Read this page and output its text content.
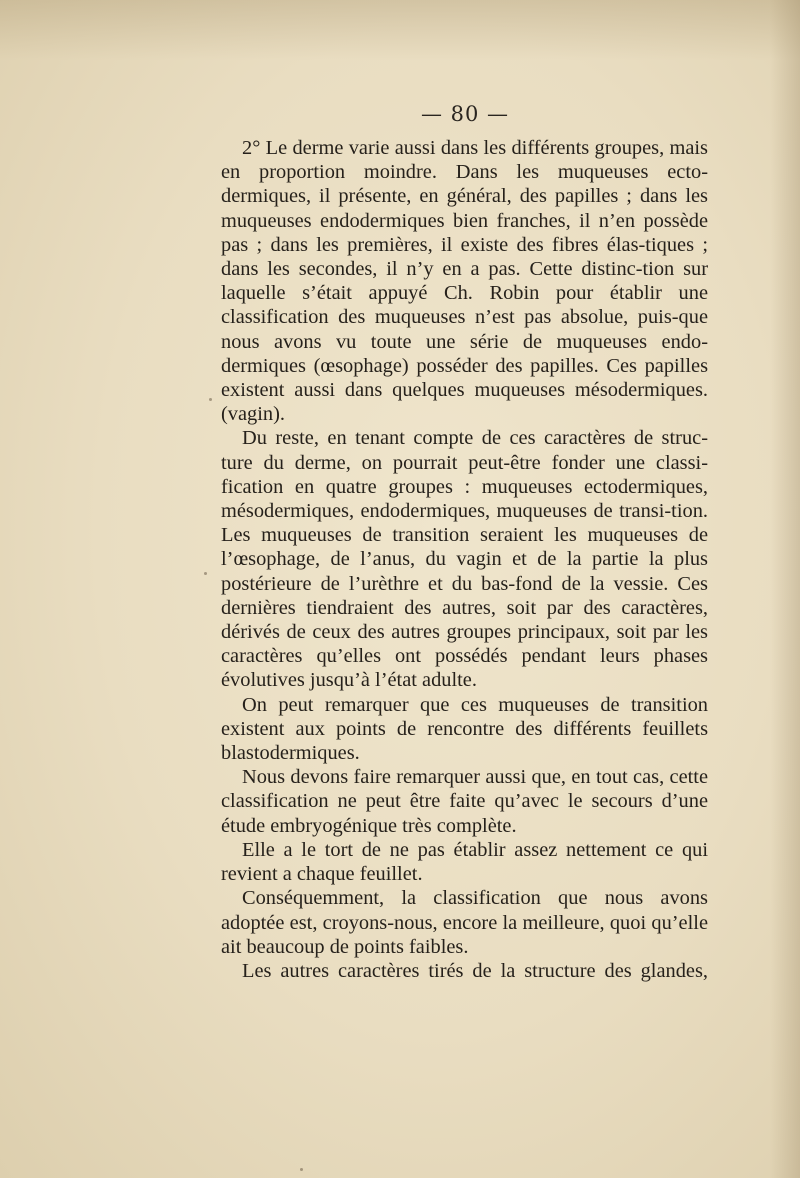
— 80 —

2° Le derme varie aussi dans les différents groupes, mais en proportion moindre. Dans les muqueuses ecto-dermiques, il présente, en général, des papilles ; dans les muqueuses endodermiques bien franches, il n’en possède pas ; dans les premières, il existe des fibres élas-tiques ; dans les secondes, il n’y en a pas. Cette distinc-tion sur laquelle s’était appuyé Ch. Robin pour établir une classification des muqueuses n’est pas absolue, puis-que nous avons vu toute une série de muqueuses endo-dermiques (œsophage) posséder des papilles. Ces papilles existent aussi dans quelques muqueuses mésodermiques. (vagin).

Du reste, en tenant compte de ces caractères de struc-ture du derme, on pourrait peut-être fonder une classi-fication en quatre groupes : muqueuses ectodermiques, mésodermiques, endodermiques, muqueuses de transi-tion. Les muqueuses de transition seraient les muqueuses de l’œsophage, de l’anus, du vagin et de la partie la plus postérieure de l’urèthre et du bas-fond de la vessie. Ces dernières tiendraient des autres, soit par des caractères, dérivés de ceux des autres groupes principaux, soit par les caractères qu’elles ont possédés pendant leurs phases évolutives jusqu’à l’état adulte.

On peut remarquer que ces muqueuses de transition existent aux points de rencontre des différents feuillets blastodermiques.

Nous devons faire remarquer aussi que, en tout cas, cette classification ne peut être faite qu’avec le secours d’une étude embryogénique très complète.

Elle a le tort de ne pas établir assez nettement ce qui revient a chaque feuillet.

Conséquemment, la classification que nous avons adoptée est, croyons-nous, encore la meilleure, quoi qu’elle ait beaucoup de points faibles.

Les autres caractères tirés de la structure des glandes,
